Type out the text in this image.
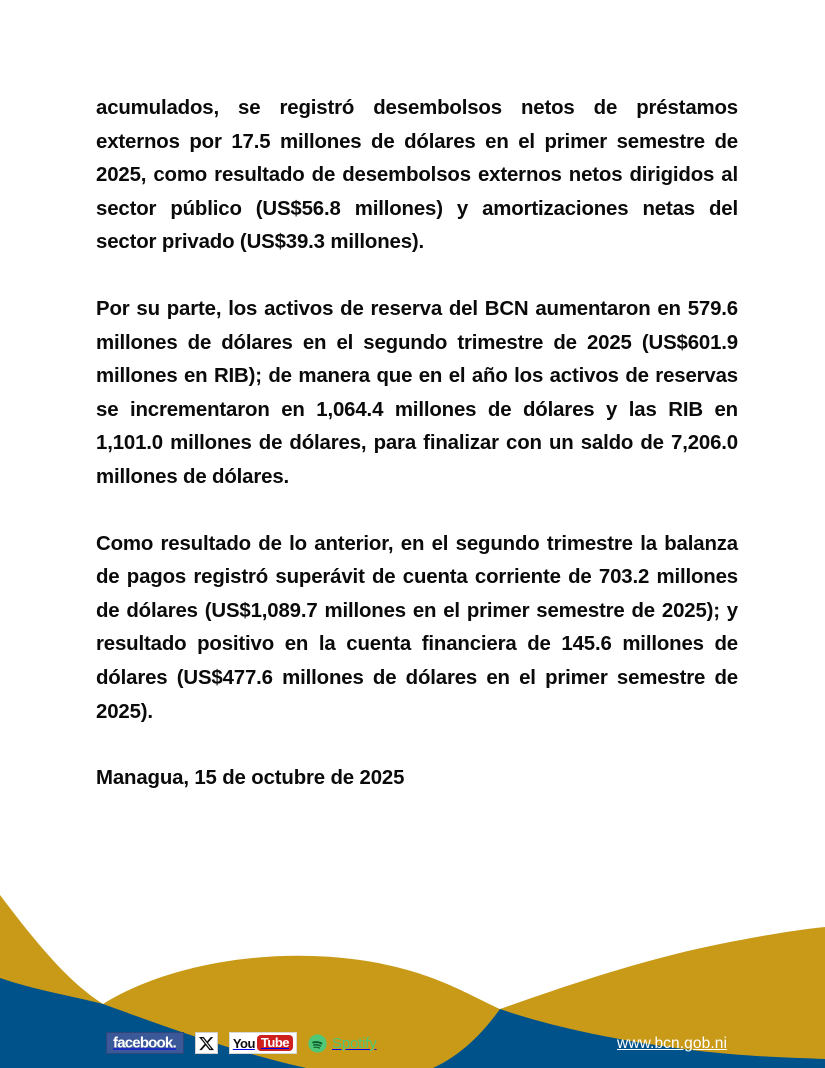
acumulados, se registró desembolsos netos de préstamos externos por 17.5 millones de dólares en el primer semestre de 2025, como resultado de desembolsos externos netos dirigidos al sector público (US$56.8 millones) y amortizaciones netas del sector privado (US$39.3 millones).

Por su parte, los activos de reserva del BCN aumentaron en 579.6 millones de dólares en el segundo trimestre de 2025 (US$601.9 millones en RIB); de manera que en el año los activos de reservas se incrementaron en 1,064.4 millones de dólares y las RIB en 1,101.0 millones de dólares, para finalizar con un saldo de 7,206.0 millones de dólares.

Como resultado de lo anterior, en el segundo trimestre la balanza de pagos registró superávit de cuenta corriente de 703.2 millones de dólares (US$1,089.7 millones en el primer semestre de 2025); y resultado positivo en la cuenta financiera de 145.6 millones de dólares (US$477.6 millones de dólares en el primer semestre de 2025).

Managua, 15 de octubre de 2025

facebook.	You Tube	Spotify	www.bcn.gob.ni
